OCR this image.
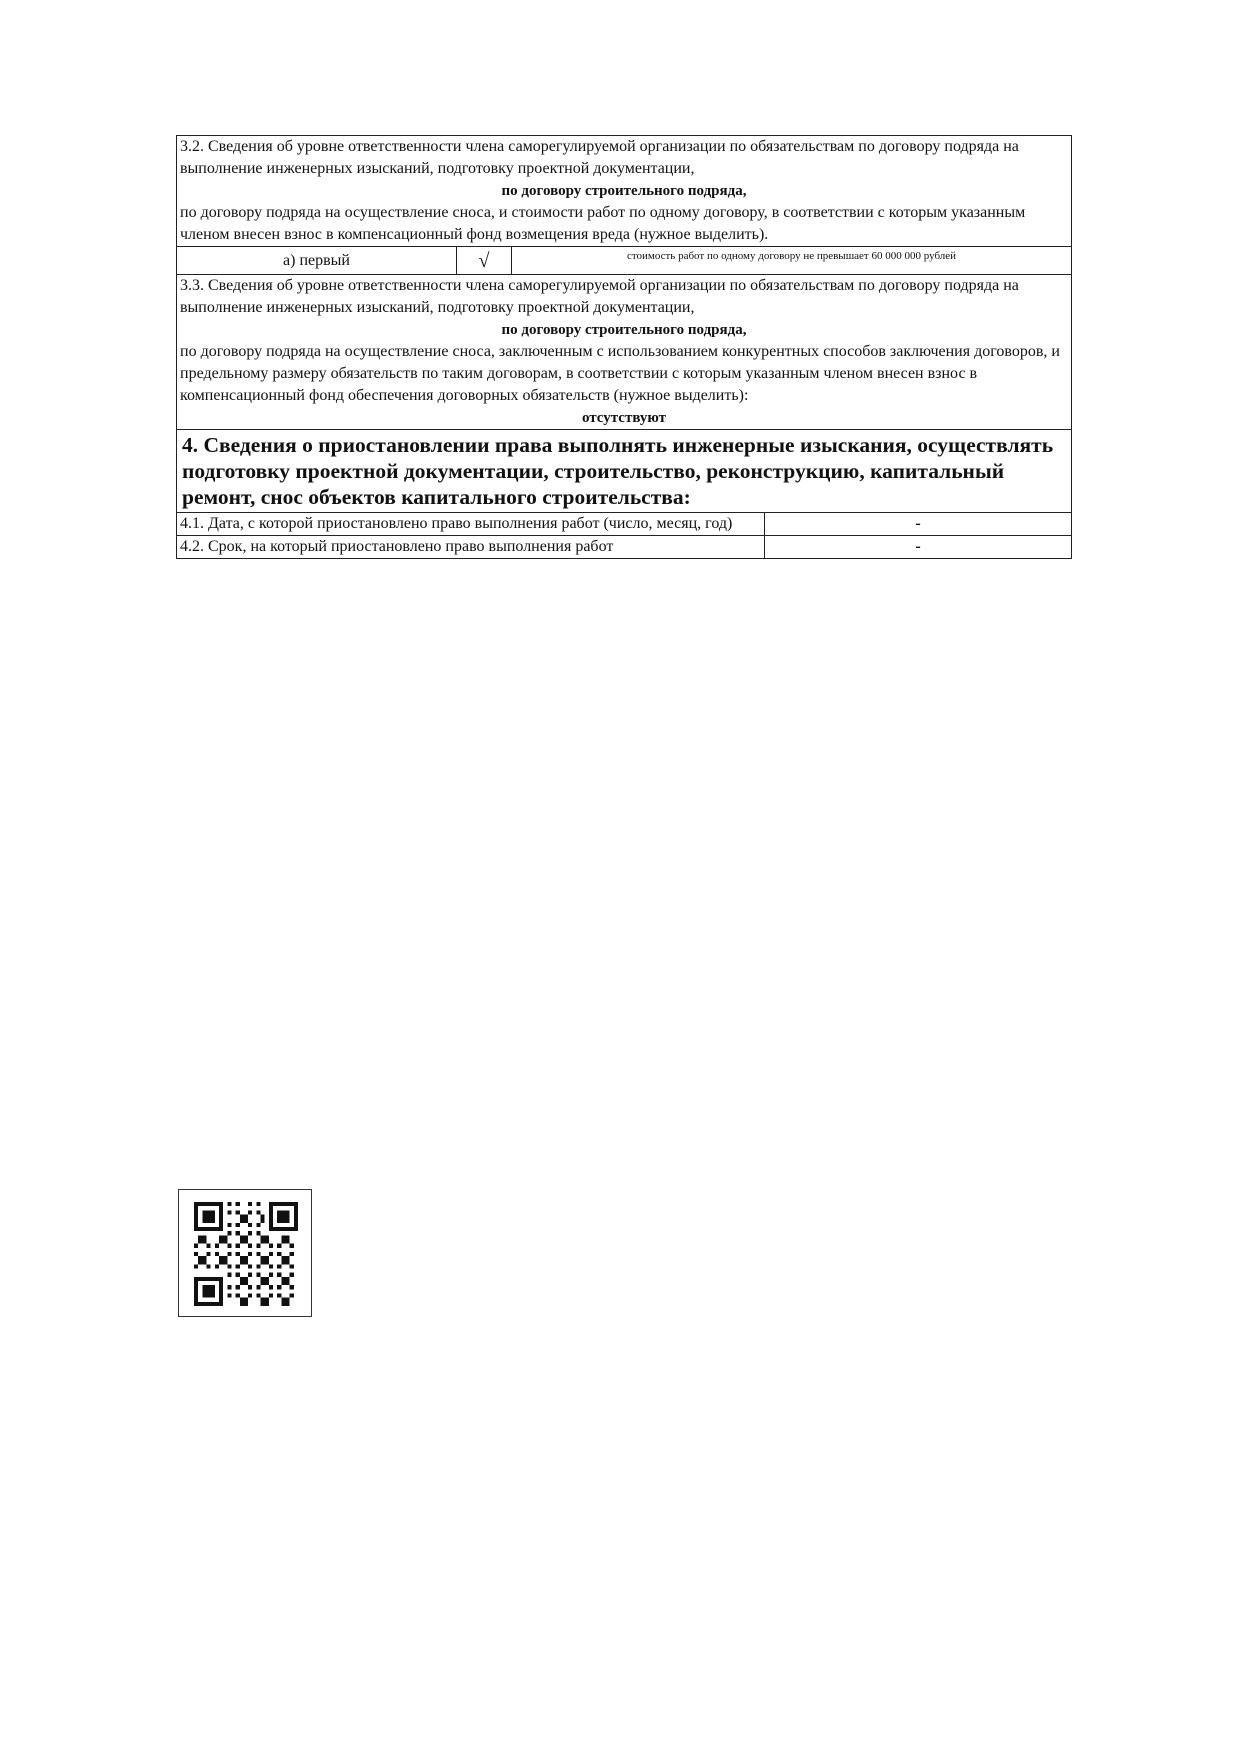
3.2. Сведения об уровне ответственности члена саморегулируемой организации по обязательствам по договору подряда на выполнение инженерных изысканий, подготовку проектной документации,
по договору строительного подряда,
по договору подряда на осуществление сноса, и стоимости работ по одному договору, в соответствии с которым указанным членом внесен взнос в компенсационный фонд возмещения вреда (нужное выделить).
а) первый	√	стоимость работ по одному договору не превышает 60 000 000 рублей
3.3. Сведения об уровне ответственности члена саморегулируемой организации по обязательствам по договору подряда на выполнение инженерных изысканий, подготовку проектной документации,
по договору строительного подряда,
по договору подряда на осуществление сноса, заключенным с использованием конкурентных способов заключения договоров, и предельному размеру обязательств по таким договорам, в соответствии с которым указанным членом внесен взнос в компенсационный фонд обеспечения договорных обязательств (нужное выделить):
отсутствуют
4. Сведения о приостановлении права выполнять инженерные изыскания, осуществлять подготовку проектной документации, строительство, реконструкцию, капитальный ремонт, снос объектов капитального строительства:
4.1. Дата, с которой приостановлено право выполнения работ (число, месяц, год)	-
4.2. Срок, на который приостановлено право выполнения работ	-
